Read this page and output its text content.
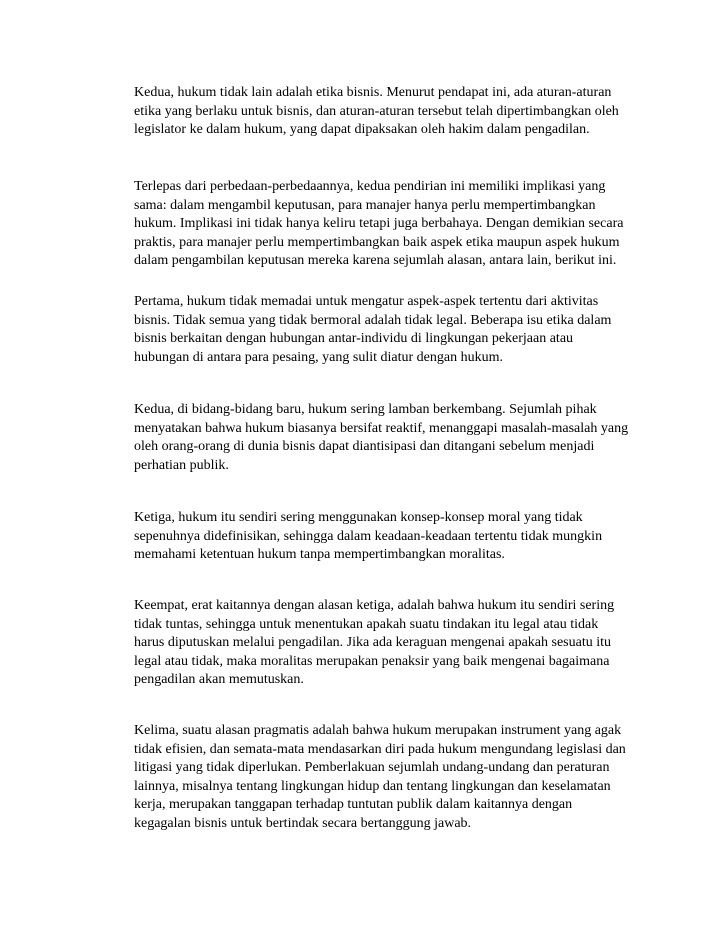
Kedua, hukum tidak lain adalah etika bisnis. Menurut pendapat ini, ada aturan-aturan
etika yang berlaku untuk bisnis, dan aturan-aturan tersebut telah dipertimbangkan oleh
legislator ke dalam hukum, yang dapat dipaksakan oleh hakim dalam pengadilan.

Terlepas dari perbedaan-perbedaannya, kedua pendirian ini memiliki implikasi yang
sama: dalam mengambil keputusan, para manajer hanya perlu mempertimbangkan
hukum. Implikasi ini tidak hanya keliru tetapi juga berbahaya. Dengan demikian secara
praktis, para manajer perlu mempertimbangkan baik aspek etika maupun aspek hukum
dalam pengambilan keputusan mereka karena sejumlah alasan, antara lain, berikut ini.

Pertama, hukum tidak memadai untuk mengatur aspek-aspek tertentu dari aktivitas
bisnis. Tidak semua yang tidak bermoral adalah tidak legal. Beberapa isu etika dalam
bisnis berkaitan dengan hubungan antar-individu di lingkungan pekerjaan atau
hubungan di antara para pesaing, yang sulit diatur dengan hukum.

Kedua, di bidang-bidang baru, hukum sering lamban berkembang. Sejumlah pihak
menyatakan bahwa hukum biasanya bersifat reaktif, menanggapi masalah-masalah yang
oleh orang-orang di dunia bisnis dapat diantisipasi dan ditangani sebelum menjadi
perhatian publik.

Ketiga, hukum itu sendiri sering menggunakan konsep-konsep moral yang tidak
sepenuhnya didefinisikan, sehingga dalam keadaan-keadaan tertentu tidak mungkin
memahami ketentuan hukum tanpa mempertimbangkan moralitas.

Keempat, erat kaitannya dengan alasan ketiga, adalah bahwa hukum itu sendiri sering
tidak tuntas, sehingga untuk menentukan apakah suatu tindakan itu legal atau tidak
harus diputuskan melalui pengadilan. Jika ada keraguan mengenai apakah sesuatu itu
legal atau tidak, maka moralitas merupakan penaksir yang baik mengenai bagaimana
pengadilan akan memutuskan.

Kelima, suatu alasan pragmatis adalah bahwa hukum merupakan instrument yang agak
tidak efisien, dan semata-mata mendasarkan diri pada hukum mengundang legislasi dan
litigasi yang tidak diperlukan. Pemberlakuan sejumlah undang-undang dan peraturan
lainnya, misalnya tentang lingkungan hidup dan tentang lingkungan dan keselamatan
kerja, merupakan tanggapan terhadap tuntutan publik dalam kaitannya dengan
kegagalan bisnis untuk bertindak secara bertanggung jawab.
